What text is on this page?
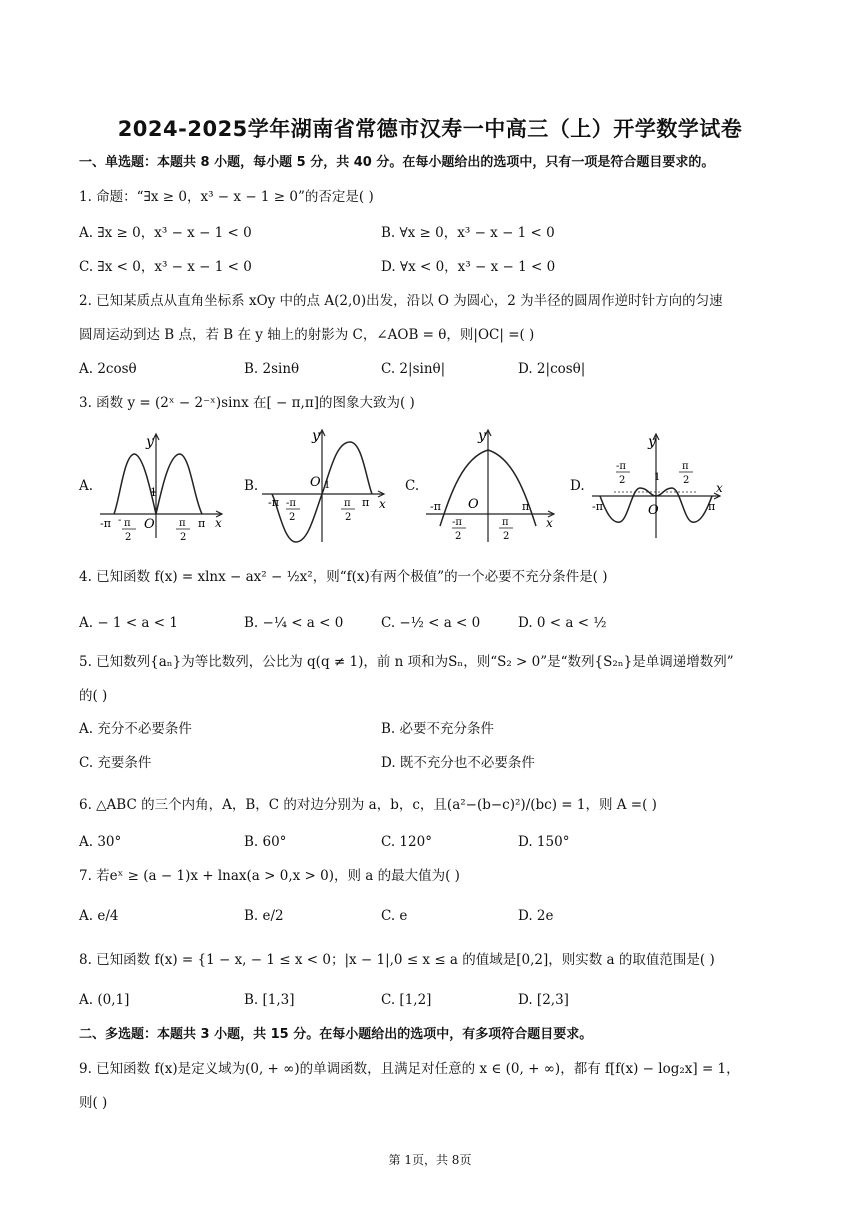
2024-2025学年湖南省常德市汉寿一中高三（上）开学数学试卷
一、单选题：本题共 8 小题，每小题 5 分，共 40 分。在每小题给出的选项中，只有一项是符合题目要求的。
1. 命题：“∃x ≥ 0，x³ − x − 1 ≥ 0”的否定是( )
A. ∃x ≥ 0，x³ − x − 1 < 0	B. ∀x ≥ 0，x³ − x − 1 < 0
C. ∃x < 0，x³ − x − 1 < 0	D. ∀x < 0，x³ − x − 1 < 0
2. 已知某质点从直角坐标系 xOy 中的点 A(2,0)出发，沿以 O 为圆心，2 为半径的圆周作逆时针方向的匀速
圆周运动到达 B 点，若 B 在 y 轴上的射影为 C，∠AOB = θ，则|OC| =( )
A. 2cosθ	B. 2sinθ	C. 2|sinθ|	D. 2|cosθ|
3. 函数 y = (2ˣ − 2⁻ˣ)sinx 在[ − π,π]的图象大致为( )
A.	B.	C.	D.
y
1
O
-π - π
2
π
2
π x
y
O 1
-π -π
2
π
2
π x
y
O
-π
-π
2
π
2
π
x
y
O
1
-π
-π
2
π
2
π
x
4. 已知函数 f(x) = xlnx − ax² − ½x²，则“f(x)有两个极值”的一个必要不充分条件是( )
A. − 1 < a < 1	B. −¼ < a < 0	C. −½ < a < 0	D. 0 < a < ½
5. 已知数列{aₙ}为等比数列，公比为 q(q ≠ 1)，前 n 项和为Sₙ，则“S₂ > 0”是“数列{S₂ₙ}是单调递增数列”
的( )
A. 充分不必要条件	B. 必要不充分条件
C. 充要条件	D. 既不充分也不必要条件
6. △ABC 的三个内角，A，B，C 的对边分别为 a，b，c，且(a²−(b−c)²)/(bc) = 1，则 A =( )
A. 30°	B. 60°	C. 120°	D. 150°
7. 若eˣ ≥ (a − 1)x + lnax(a > 0,x > 0)，则 a 的最大值为( )
A. e/4	B. e/2	C. e	D. 2e
8. 已知函数 f(x) = {1 − x, − 1 ≤ x < 0；|x − 1|,0 ≤ x ≤ a 的值域是[0,2]，则实数 a 的取值范围是( )
A. (0,1]	B. [1,3]	C. [1,2]	D. [2,3]
二、多选题：本题共 3 小题，共 15 分。在每小题给出的选项中，有多项符合题目要求。
9. 已知函数 f(x)是定义域为(0, + ∞)的单调函数，且满足对任意的 x ∈ (0, + ∞)，都有 f[f(x) − log₂x] = 1，
则( )
第 1页，共 8页
